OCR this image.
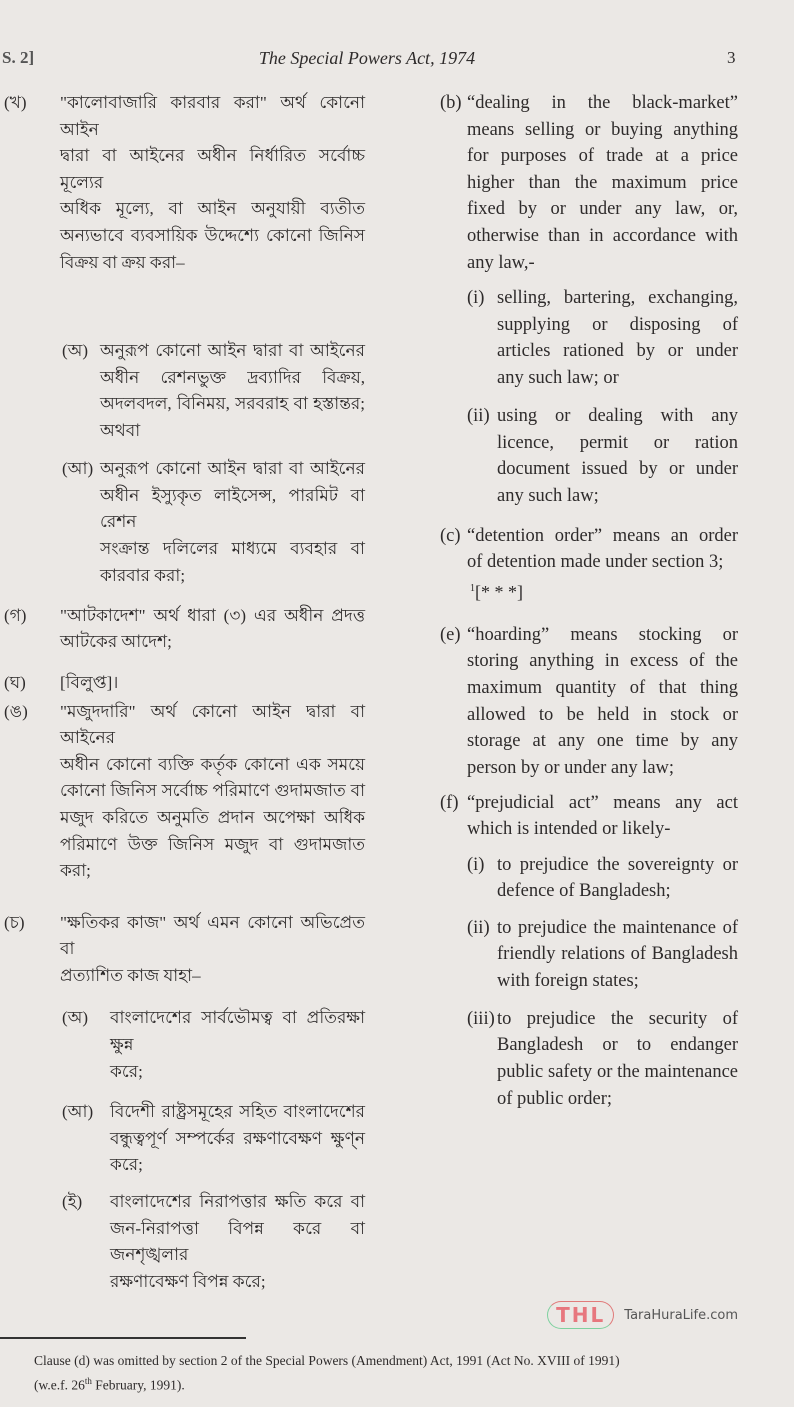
S. 2]	The Special Powers Act, 1974	3
(খ) "কালোবাজারি কারবার করা" অর্থ কোনো আইন
দ্বারা বা আইনের অধীন নির্ধারিত সর্বোচ্চ মূল্যের
অধিক মূল্যে, বা আইন অনুযায়ী ব্যতীত
অন্যভাবে ব্যবসায়িক উদ্দেশ্যে কোনো জিনিস
বিক্রয় বা ক্রয় করা–
(অ) অনুরূপ কোনো আইন দ্বারা বা আইনের
অধীন রেশনভুক্ত দ্রব্যাদির বিক্রয়,
অদলবদল, বিনিময়, সরবরাহ বা হস্তান্তর;
অথবা
(আ) অনুরূপ কোনো আইন দ্বারা বা আইনের
অধীন ইস্যুকৃত লাইসেন্স, পারমিট বা রেশন
সংক্রান্ত দলিলের মাধ্যমে ব্যবহার বা
কারবার করা;
(গ) "আটকাদেশ" অর্থ ধারা (৩) এর অধীন প্রদত্ত
আটকের আদেশ;
(ঘ) [বিলুপ্ত]।
(ঙ) "মজুদদারি" অর্থ কোনো আইন দ্বারা বা আইনের
অধীন কোনো ব্যক্তি কর্তৃক কোনো এক সময়ে
কোনো জিনিস সর্বোচ্চ পরিমাণে গুদামজাত বা
মজুদ করিতে অনুমতি প্রদান অপেক্ষা অধিক
পরিমাণে উক্ত জিনিস মজুদ বা গুদামজাত করা;
(চ) "ক্ষতিকর কাজ" অর্থ এমন কোনো অভিপ্রেত বা
প্রত্যাশিত কাজ যাহা–
(অ) বাংলাদেশের সার্বভৌমত্ব বা প্রতিরক্ষা ক্ষুন্ন
করে;
(আ) বিদেশী রাষ্ট্রসমূহের সহিত বাংলাদেশের
বন্ধুত্বপূর্ণ সম্পর্কের রক্ষণাবেক্ষণ ক্ষুণ্ন
করে;
(ই) বাংলাদেশের নিরাপত্তার ক্ষতি করে বা
জন-নিরাপত্তা বিপন্ন করে বা জনশৃঙ্খলার
রক্ষণাবেক্ষণ বিপন্ন করে;
(b) “dealing in the black-market”
means selling or buying anything
for purposes of trade at a price
higher than the maximum price
fixed by or under any law, or,
otherwise than in accordance with
any law,-
(i) selling, bartering, exchanging,
supplying or disposing of
articles rationed by or under
any such law; or
(ii) using or dealing with any
licence, permit or ration
document issued by or under
any such law;
(c) “detention order” means an order
of detention made under section 3;
$^1$[* * *]
(e) “hoarding” means stocking or
storing anything in excess of the
maximum quantity of that thing
allowed to be held in stock or
storage at any one time by any
person by or under any law;
(f) “prejudicial act” means any act
which is intended or likely-
(i) to prejudice the sovereignty or
defence of Bangladesh;
(ii) to prejudice the maintenance of
friendly relations of Bangladesh
with foreign states;
(iii) to prejudice the security of
Bangladesh or to endanger
public safety or the maintenance
of public order;
THL	TaraHuraLife.com
Clause (d) was omitted by section 2 of the Special Powers (Amendment) Act, 1991 (Act No. XVIII of 1991)
(w.e.f. 26th February, 1991).
